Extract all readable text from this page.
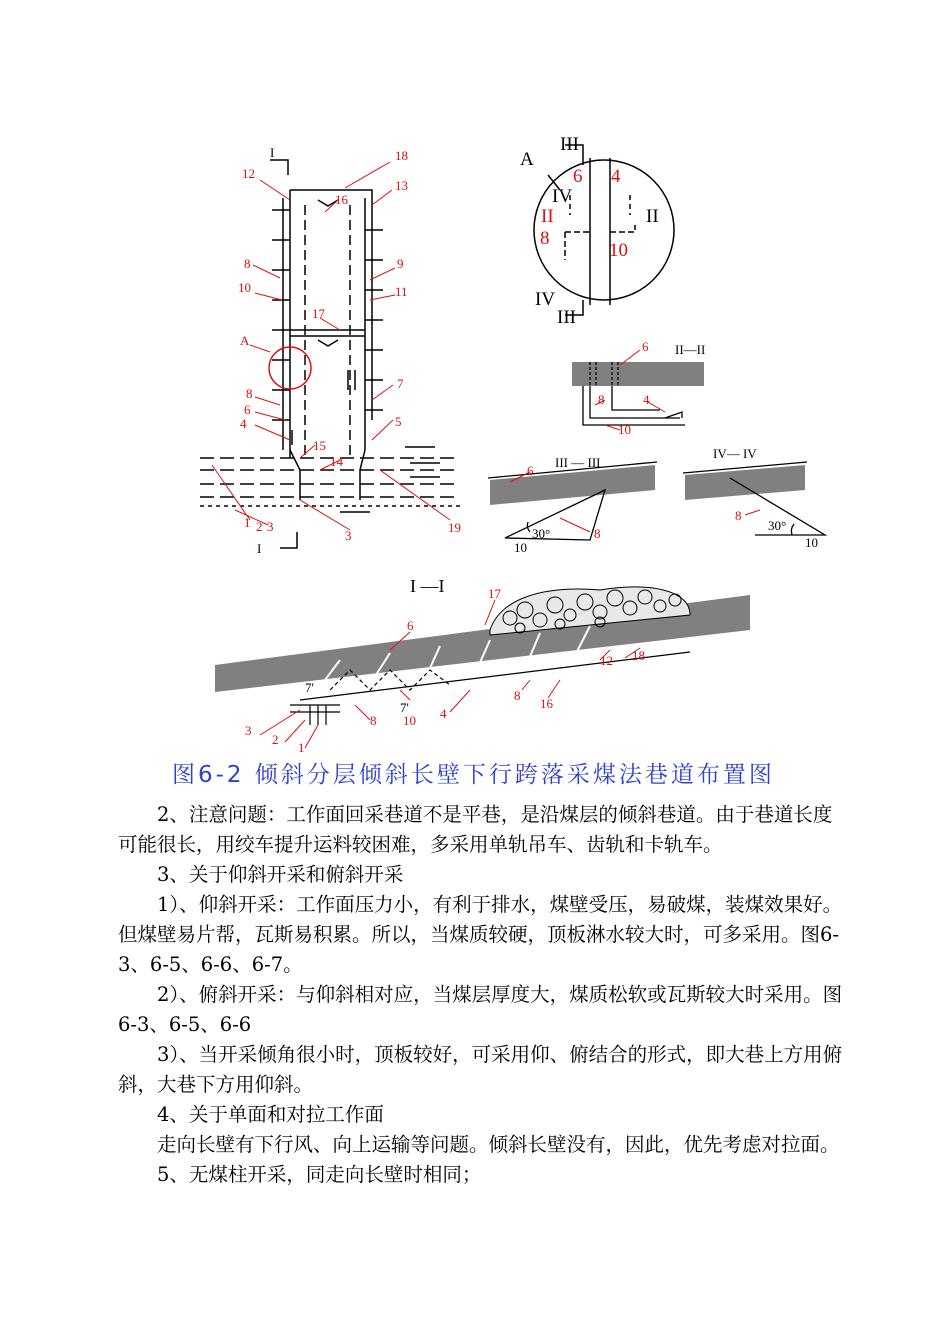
I	18
12
16
13
8	9
10	11
17
A
7
8
6
4	5
15
14
1 2 3
3
19
I
III
A
6 4
IV
II	II
8
10
IV
III
II—II
6
8	4
10
III — III
6
30°	8
10
IV— IV
8
30°
10
I —I	17
6
12 18
7'
7'
3
2
1
8 10 4
8
16
图6-2 倾斜分层倾斜长壁下行跨落采煤法巷道布置图

2、注意问题：工作面回采巷道不是平巷，是沿煤层的倾斜巷道。由于巷道长度可能很长，用绞车提升运料较困难，多采用单轨吊车、齿轨和卡轨车。

3、关于仰斜开采和俯斜开采

1）、仰斜开采：工作面压力小，有利于排水，煤壁受压，易破煤，装煤效果好。但煤壁易片帮，瓦斯易积累。所以，当煤质较硬，顶板淋水较大时，可多采用。图6-3、6-5、6-6、6-7。

2）、俯斜开采：与仰斜相对应，当煤层厚度大，煤质松软或瓦斯较大时采用。图6-3、6-5、6-6

3）、当开采倾角很小时，顶板较好，可采用仰、俯结合的形式，即大巷上方用俯斜，大巷下方用仰斜。

4、关于单面和对拉工作面

走向长壁有下行风、向上运输等问题。倾斜长壁没有，因此，优先考虑对拉面。

5、无煤柱开采，同走向长壁时相同；
